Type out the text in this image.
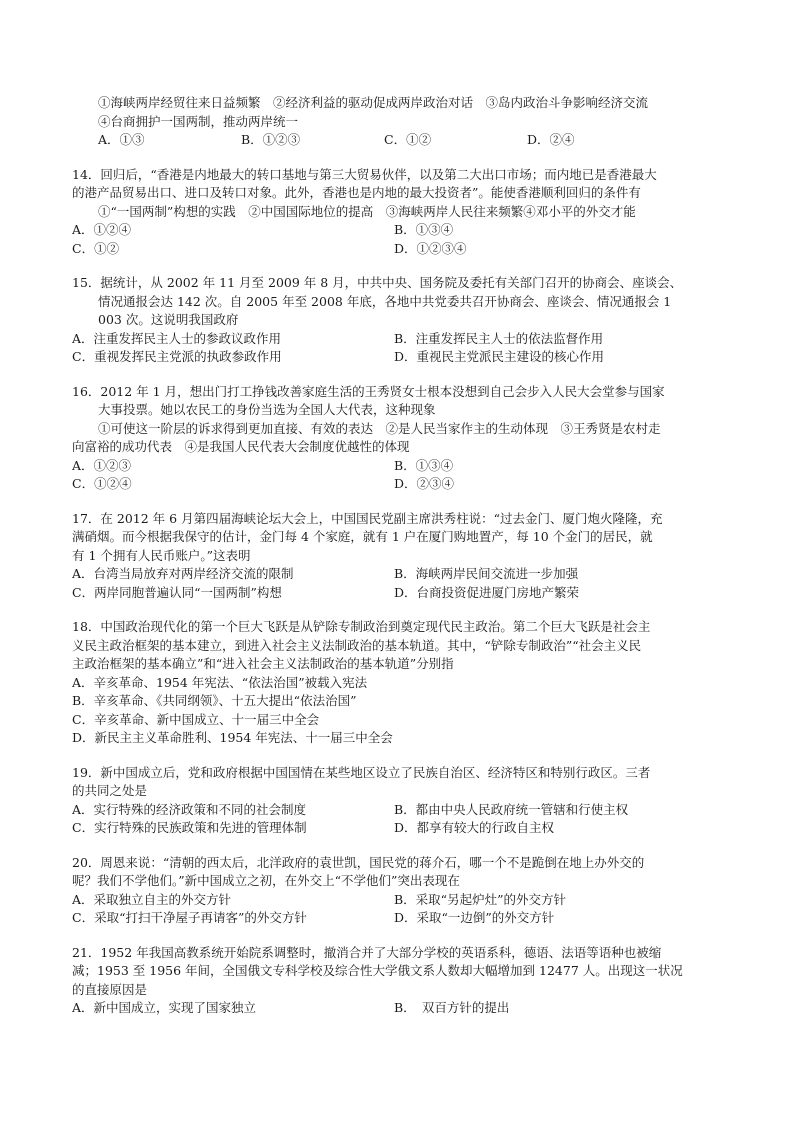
①海峡两岸经贸往来日益频繁　②经济利益的驱动促成两岸政治对话　③岛内政治斗争影响经济交流
④台商拥护一国两制，推动两岸统一
A．①③	B．①②③	C．①②	D．②④
14．回归后，“香港是内地最大的转口基地与第三大贸易伙伴，以及第二大出口市场；而内地已是香港最大
的港产品贸易出口、进口及转口对象。此外，香港也是内地的最大投资者”。能使香港顺利回归的条件有
①“一国两制”构想的实践　②中国国际地位的提高　③海峡两岸人民往来频繁④邓小平的外交才能
A．①②④	B．①③④
C．①②	D．①②③④
15．据统计，从 2002 年 11 月至 2009 年 8 月，中共中央、国务院及委托有关部门召开的协商会、座谈会、
情况通报会达 142 次。自 2005 年至 2008 年底，各地中共党委共召开协商会、座谈会、情况通报会 1
003 次。这说明我国政府
A．注重发挥民主人士的参政议政作用	B．注重发挥民主人士的依法监督作用
C．重视发挥民主党派的执政参政作用	D．重视民主党派民主建设的核心作用
16．2012 年 1 月，想出门打工挣钱改善家庭生活的王秀贤女士根本没想到自己会步入人民大会堂参与国家
大事投票。她以农民工的身份当选为全国人大代表，这种现象
①可使这一阶层的诉求得到更加直接、有效的表达　②是人民当家作主的生动体现　③王秀贤是农村走
向富裕的成功代表　④是我国人民代表大会制度优越性的体现
A．①②③	B．①③④
C．①②④	D．②③④
17．在 2012 年 6 月第四届海峡论坛大会上，中国国民党副主席洪秀柱说：“过去金门、厦门炮火隆隆，充
满硝烟。而今根据我保守的估计，金门每 4 个家庭，就有 1 户在厦门购地置产，每 10 个金门的居民，就
有 1 个拥有人民币账户。”这表明
A．台湾当局放弃对两岸经济交流的限制	B．海峡两岸民间交流进一步加强
C．两岸同胞普遍认同“一国两制”构想	D．台商投资促进厦门房地产繁荣
18．中国政治现代化的第一个巨大飞跃是从铲除专制政治到奠定现代民主政治。第二个巨大飞跃是社会主
义民主政治框架的基本建立，到进入社会主义法制政治的基本轨道。其中，“铲除专制政治”“社会主义民
主政治框架的基本确立”和“进入社会主义法制政治的基本轨道”分别指
A．辛亥革命、1954 年宪法、“依法治国”被载入宪法
B．辛亥革命、《共同纲领》、十五大提出“依法治国”
C．辛亥革命、新中国成立、十一届三中全会
D．新民主主义革命胜利、1954 年宪法、十一届三中全会
19．新中国成立后，党和政府根据中国国情在某些地区设立了民族自治区、经济特区和特别行政区。三者
的共同之处是
A．实行特殊的经济政策和不同的社会制度	B．都由中央人民政府统一管辖和行使主权
C．实行特殊的民族政策和先进的管理体制	D．都享有较大的行政自主权
20．周恩来说：“清朝的西太后，北洋政府的袁世凯，国民党的蒋介石，哪一个不是跪倒在地上办外交的
呢？我们不学他们。”新中国成立之初，在外交上“不学他们”突出表现在
A．采取独立自主的外交方针	B．采取“另起炉灶”的外交方针
C．采取“打扫干净屋子再请客”的外交方针	D．采取“一边倒”的外交方针
21．1952 年我国高教系统开始院系调整时，撤消合并了大部分学校的英语系科，德语、法语等语种也被缩
减；1953 至 1956 年间，全国俄文专科学校及综合性大学俄文系人数却大幅增加到 12477 人。出现这一状况
的直接原因是
A．新中国成立，实现了国家独立	B．　双百方针的提出
